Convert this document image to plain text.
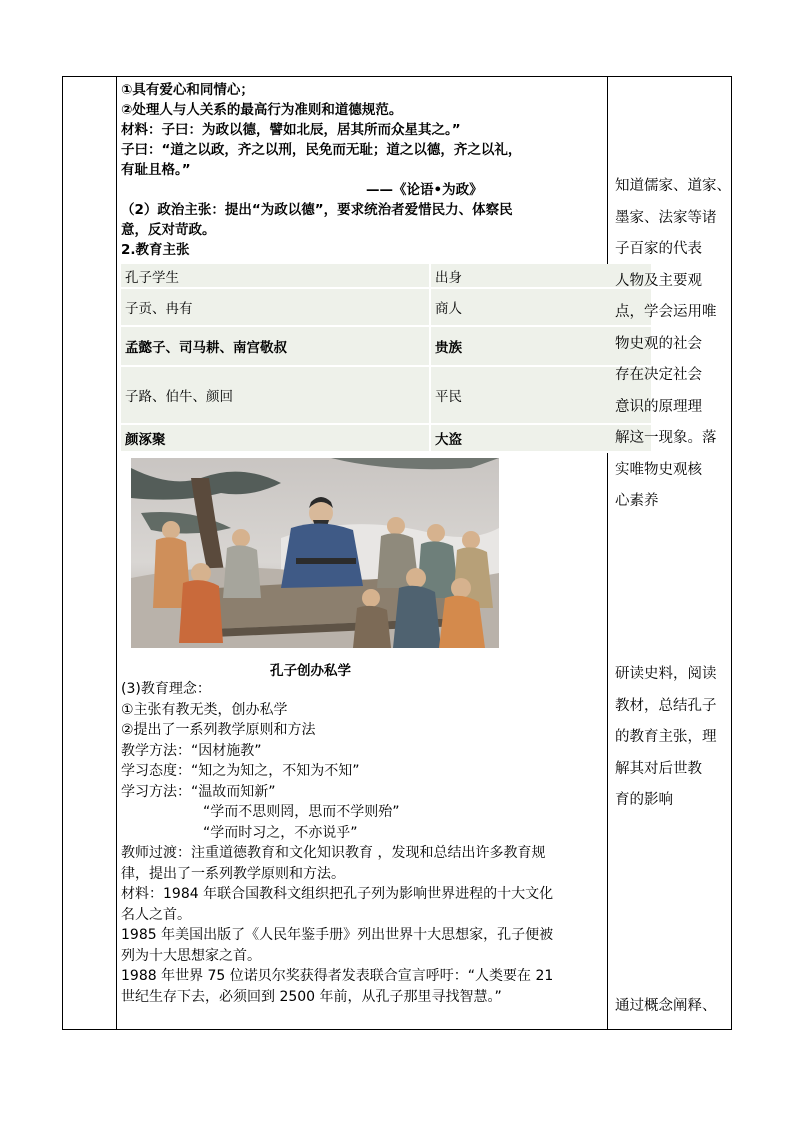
①具有爱心和同情心；
②处理人与人关系的最高行为准则和道德规范。
材料：子曰：为政以德，譬如北辰，居其所而众星其之。”
子曰：“道之以政，齐之以刑，民免而无耻；道之以德，齐之以礼，
有耻且格。”
——《论语•为政》
（2）政治主张：提出“为政以德”，要求统治者爱惜民力、体察民
意，反对苛政。
2.教育主张
孔子学生	出身
子贡、冉有	商人
孟懿子、司马耕、南宫敬叔	贵族
子路、伯牛、颜回	平民
颜涿聚	大盗
知道儒家、道家、
墨家、法家等诸
子百家的代表
人物及主要观
点，学会运用唯
物史观的社会
存在决定社会
意识的原理理
解这一现象。落
实唯物史观核
心素养
研读史料，阅读
教材，总结孔子
的教育主张，理
解其对后世教
育的影响
通过概念阐释、
孔子创办私学
(3)教育理念：
①主张有教无类，创办私学
②提出了一系列教学原则和方法
教学方法：“因材施教”
学习态度：“知之为知之，不知为不知”
学习方法：“温故而知新”
“学而不思则罔，思而不学则殆”
“学而时习之，不亦说乎”
教师过渡：注重道德教育和文化知识教育 ，发现和总结出许多教育规
律，提出了一系列教学原则和方法。
材料：1984 年联合国教科文组织把孔子列为影响世界进程的十大文化
名人之首。
1985 年美国出版了《人民年鉴手册》列出世界十大思想家，孔子便被
列为十大思想家之首。
1988 年世界 75 位诺贝尔奖获得者发表联合宣言呼吁：“人类要在 21
世纪生存下去，必须回到 2500 年前，从孔子那里寻找智慧。”
